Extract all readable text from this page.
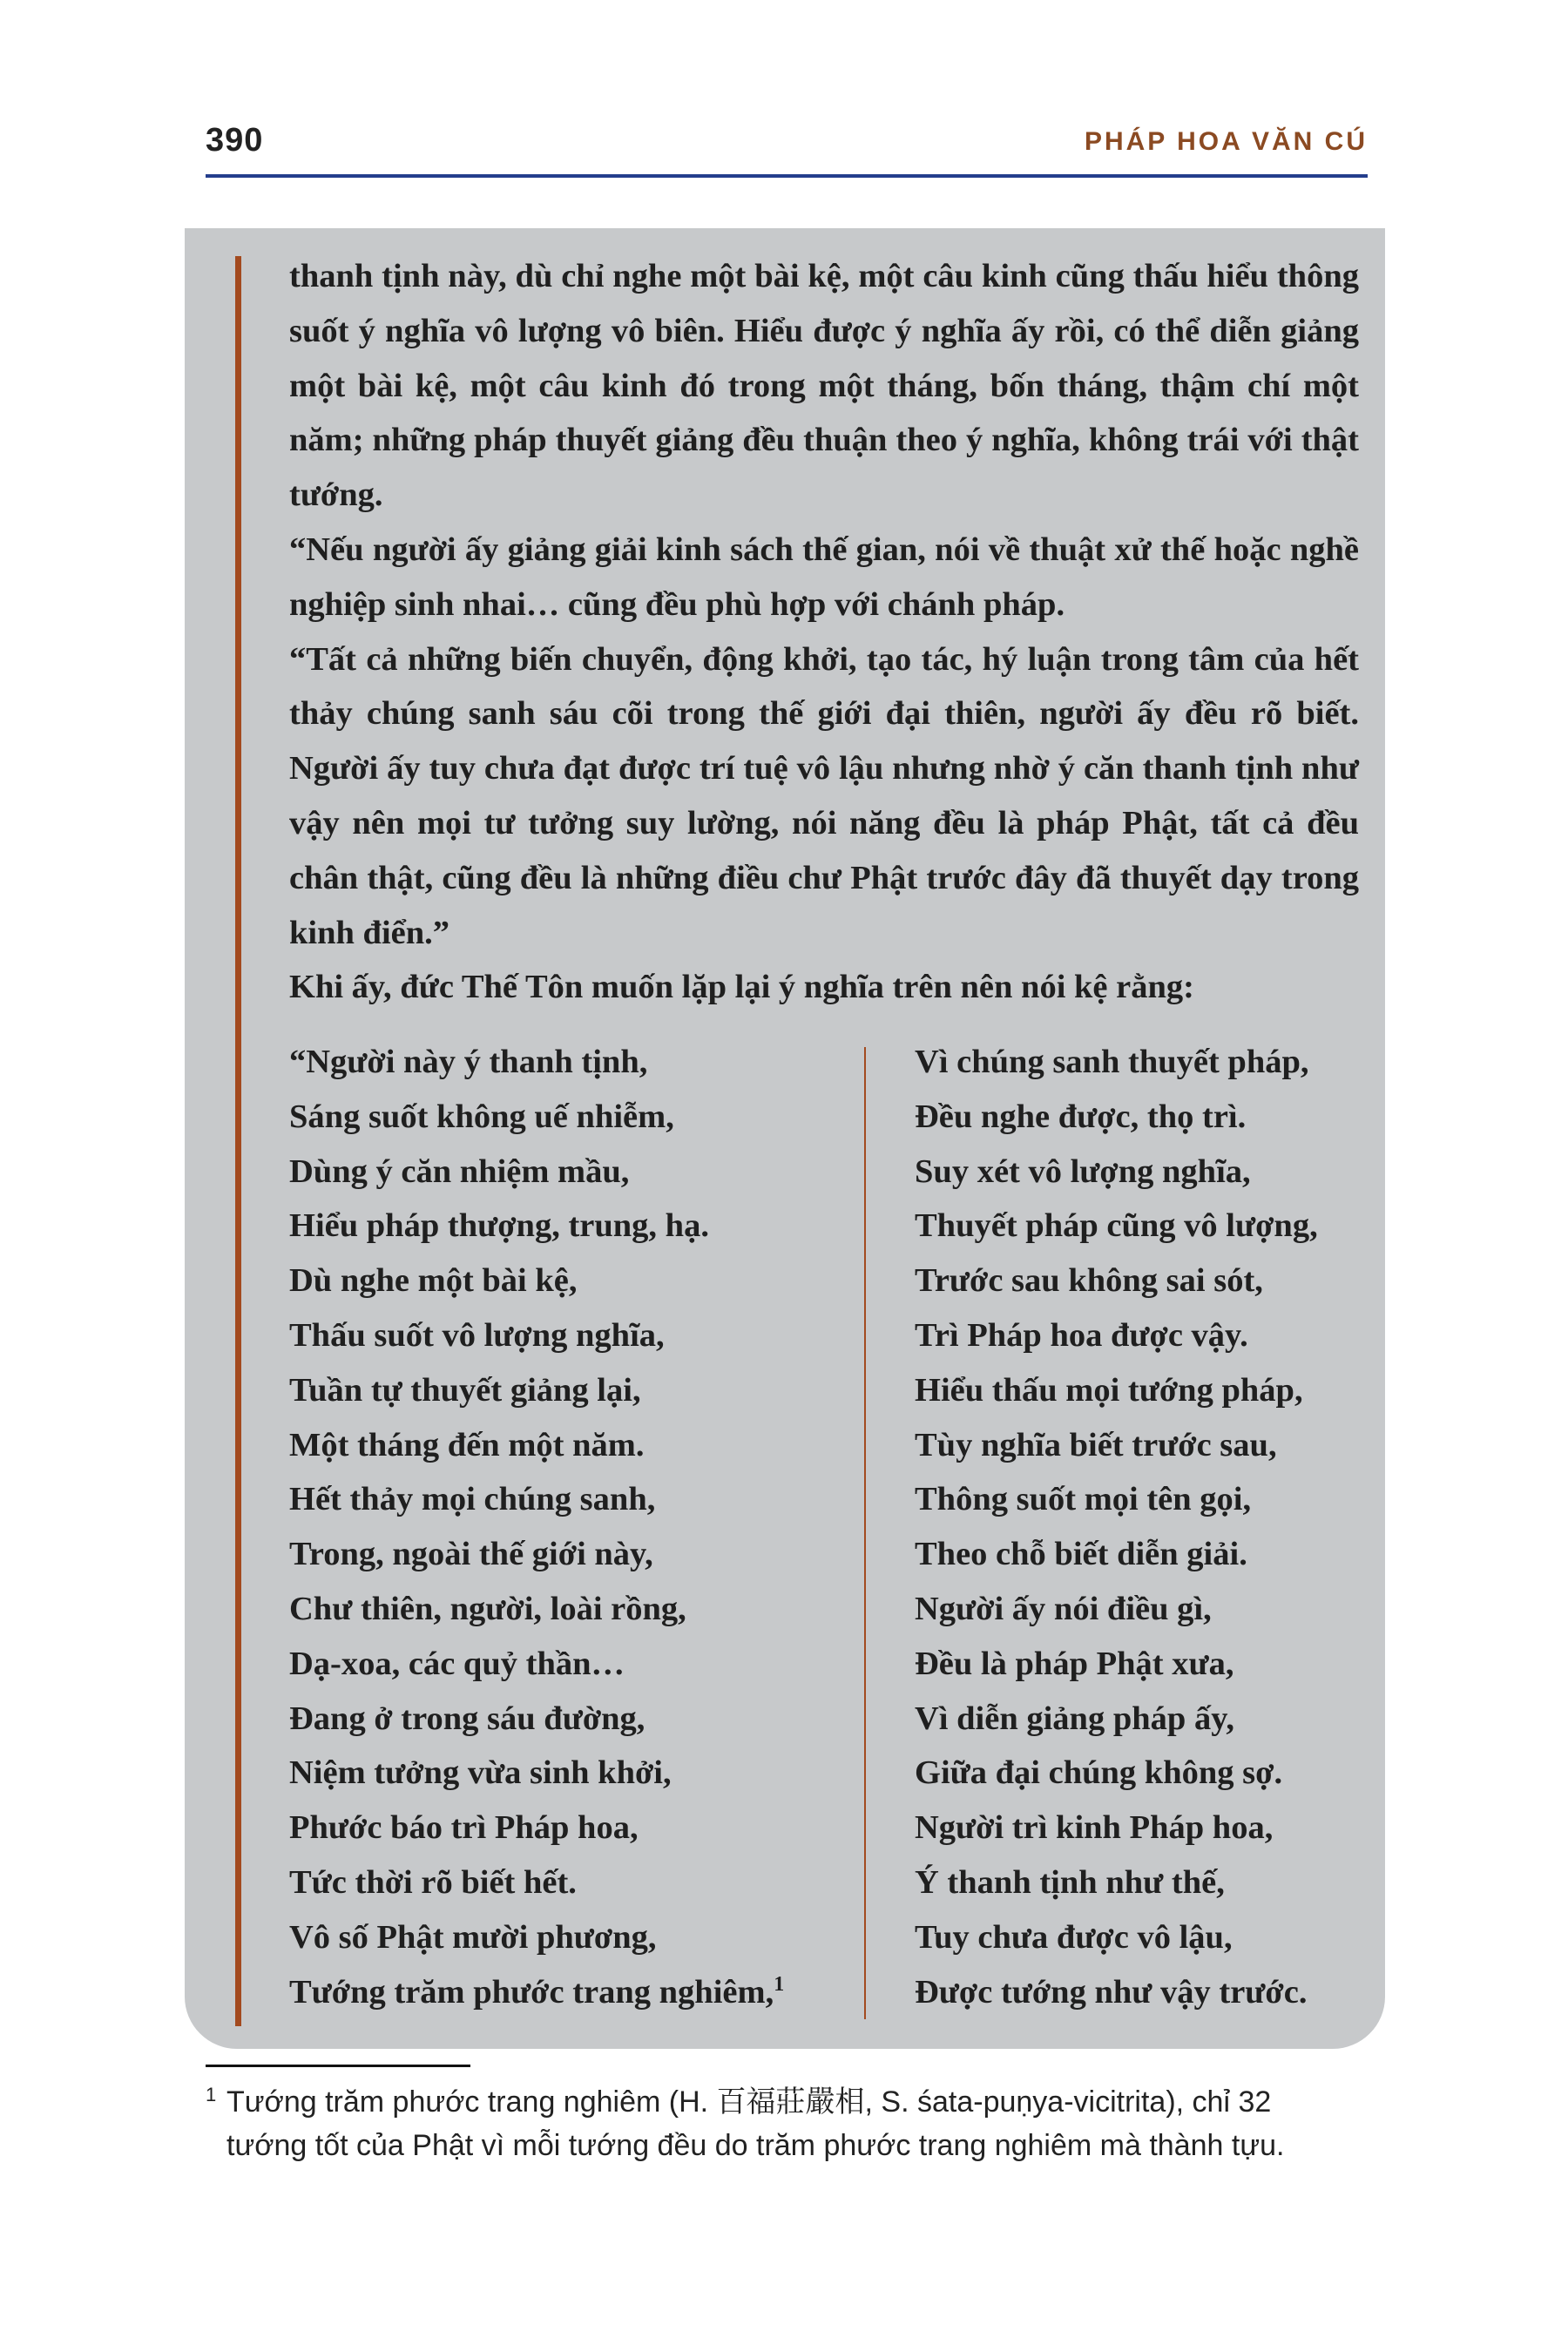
390	PHÁP HOA VĂN CÚ

thanh tịnh này, dù chỉ nghe một bài kệ, một câu kinh cũng thấu hiểu thông suốt ý nghĩa vô lượng vô biên. Hiểu được ý nghĩa ấy rồi, có thể diễn giảng một bài kệ, một câu kinh đó trong một tháng, bốn tháng, thậm chí một năm; những pháp thuyết giảng đều thuận theo ý nghĩa, không trái với thật tướng.

“Nếu người ấy giảng giải kinh sách thế gian, nói về thuật xử thế hoặc nghề nghiệp sinh nhai… cũng đều phù hợp với chánh pháp.

“Tất cả những biến chuyển, động khởi, tạo tác, hý luận trong tâm của hết thảy chúng sanh sáu cõi trong thế giới đại thiên, người ấy đều rõ biết. Người ấy tuy chưa đạt được trí tuệ vô lậu nhưng nhờ ý căn thanh tịnh như vậy nên mọi tư tưởng suy lường, nói năng đều là pháp Phật, tất cả đều chân thật, cũng đều là những điều chư Phật trước đây đã thuyết dạy trong kinh điển.”

Khi ấy, đức Thế Tôn muốn lặp lại ý nghĩa trên nên nói kệ rằng:

“Người này ý thanh tịnh,
Sáng suốt không uế nhiễm,
Dùng ý căn nhiệm mầu,
Hiểu pháp thượng, trung, hạ.
Dù nghe một bài kệ,
Thấu suốt vô lượng nghĩa,
Tuần tự thuyết giảng lại,
Một tháng đến một năm.
Hết thảy mọi chúng sanh,
Trong, ngoài thế giới này,
Chư thiên, người, loài rồng,
Dạ-xoa, các quỷ thần…
Đang ở trong sáu đường,
Niệm tưởng vừa sinh khởi,
Phước báo trì Pháp hoa,
Tức thời rõ biết hết.
Vô số Phật mười phương,
Tướng trăm phước trang nghiêm,$^1$
Vì chúng sanh thuyết pháp,
Đều nghe được, thọ trì.
Suy xét vô lượng nghĩa,
Thuyết pháp cũng vô lượng,
Trước sau không sai sót,
Trì Pháp hoa được vậy.
Hiểu thấu mọi tướng pháp,
Tùy nghĩa biết trước sau,
Thông suốt mọi tên gọi,
Theo chỗ biết diễn giải.
Người ấy nói điều gì,
Đều là pháp Phật xưa,
Vì diễn giảng pháp ấy,
Giữa đại chúng không sợ.
Người trì kinh Pháp hoa,
Ý thanh tịnh như thế,
Tuy chưa được vô lậu,
Được tướng như vậy trước.
1 Tướng trăm phước trang nghiêm (H. 百福莊嚴相, S. śata-puṇya-vicitrita), chỉ 32
tướng tốt của Phật vì mỗi tướng đều do trăm phước trang nghiêm mà thành tựu.
